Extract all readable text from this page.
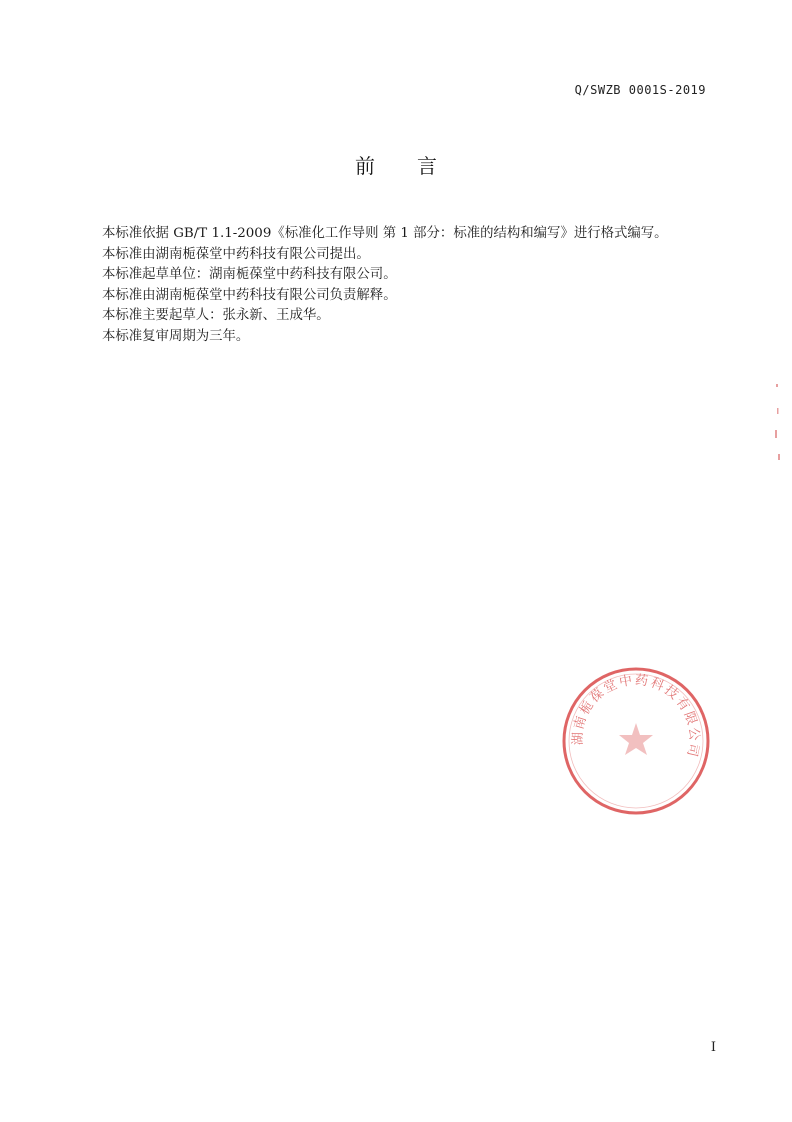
Q/SWZB 0001S-2019
前言

本标准依据 GB/T 1.1-2009《标准化工作导则 第 1 部分：标准的结构和编写》进行格式编写。

本标准由湖南栀葆堂中药科技有限公司提出。

本标准起草单位：湖南栀葆堂中药科技有限公司。

本标准由湖南栀葆堂中药科技有限公司负责解释。

本标准主要起草人：张永新、王成华。

本标准复审周期为三年。

湖南栀葆堂中药科技有限公司
I
